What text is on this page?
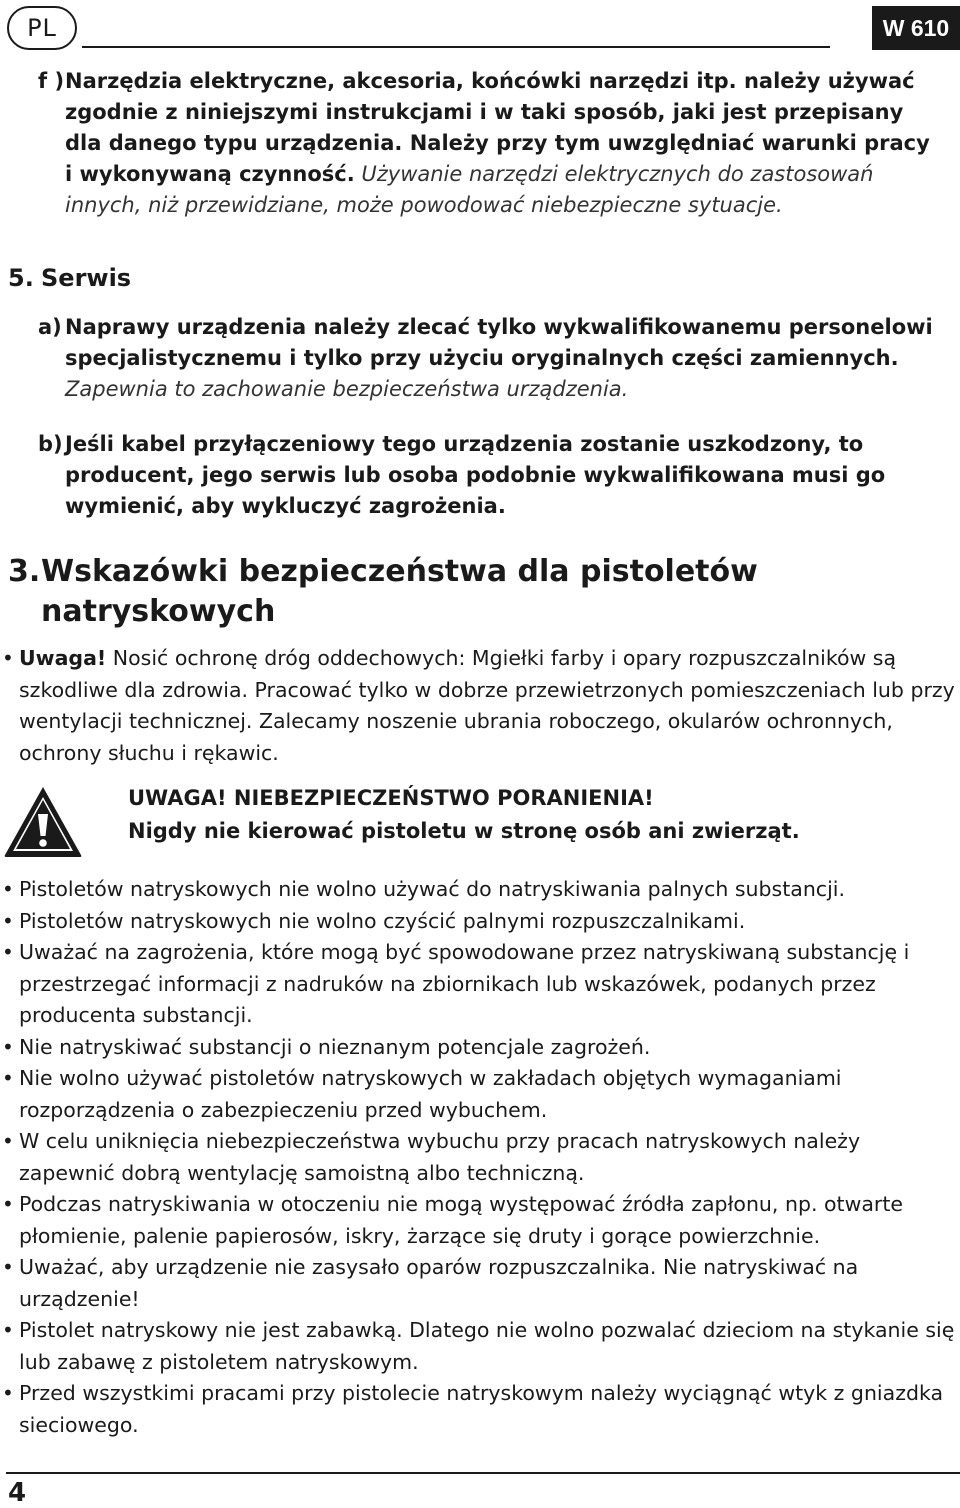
PL	W 610
f ) Narzędzia elektryczne, akcesoria, końcówki narzędzi itp. należy używać zgodnie z niniejszymi instrukcjami i w taki sposób, jaki jest przepisany dla danego typu urządzenia. Należy przy tym uwzględniać warunki pracy i wykonywaną czynność. Używanie narzędzi elektrycznych do zastosowań innych, niż przewidziane, może powodować niebezpieczne sytuacje.
5. Serwis
a) Naprawy urządzenia należy zlecać tylko wykwalifikowanemu personelowi specjalistycznemu i tylko przy użyciu oryginalnych części zamiennych. Zapewnia to zachowanie bezpieczeństwa urządzenia.
b) Jeśli kabel przyłączeniowy tego urządzenia zostanie uszkodzony, to producent, jego serwis lub osoba podobnie wykwalifikowana musi go wymienić, aby wykluczyć zagrożenia.
3. Wskazówki bezpieczeństwa dla pistoletów natryskowych
• Uwaga! Nosić ochronę dróg oddechowych: Mgiełki farby i opary rozpuszczalników są szkodliwe dla zdrowia. Pracować tylko w dobrze przewietrzonych pomieszczeniach lub przy wentylacji technicznej. Zalecamy noszenie ubrania roboczego, okularów ochronnych, ochrony słuchu i rękawic.
UWAGA! NIEBEZPIECZEŃSTWO PORANIENIA!
Nigdy nie kierować pistoletu w stronę osób ani zwierząt.
• Pistoletów natryskowych nie wolno używać do natryskiwania palnych substancji.
• Pistoletów natryskowych nie wolno czyścić palnymi rozpuszczalnikami.
• Uważać na zagrożenia, które mogą być spowodowane przez natryskiwaną substancję i przestrzegać informacji z nadruków na zbiornikach lub wskazówek, podanych przez producenta substancji.
• Nie natryskiwać substancji o nieznanym potencjale zagrożeń.
• Nie wolno używać pistoletów natryskowych w zakładach objętych wymaganiami rozporządzenia o zabezpieczeniu przed wybuchem.
• W celu uniknięcia niebezpieczeństwa wybuchu przy pracach natryskowych należy zapewnić dobrą wentylację samoistną albo techniczną.
• Podczas natryskiwania w otoczeniu nie mogą występować źródła zapłonu, np. otwarte płomienie, palenie papierosów, iskry, żarzące się druty i gorące powierzchnie.
• Uważać, aby urządzenie nie zasysało oparów rozpuszczalnika. Nie natryskiwać na urządzenie!
• Pistolet natryskowy nie jest zabawką. Dlatego nie wolno pozwalać dzieciom na stykanie się lub zabawę z pistoletem natryskowym.
• Przed wszystkimi pracami przy pistolecie natryskowym należy wyciągnąć wtyk z gniazdka sieciowego.
4
